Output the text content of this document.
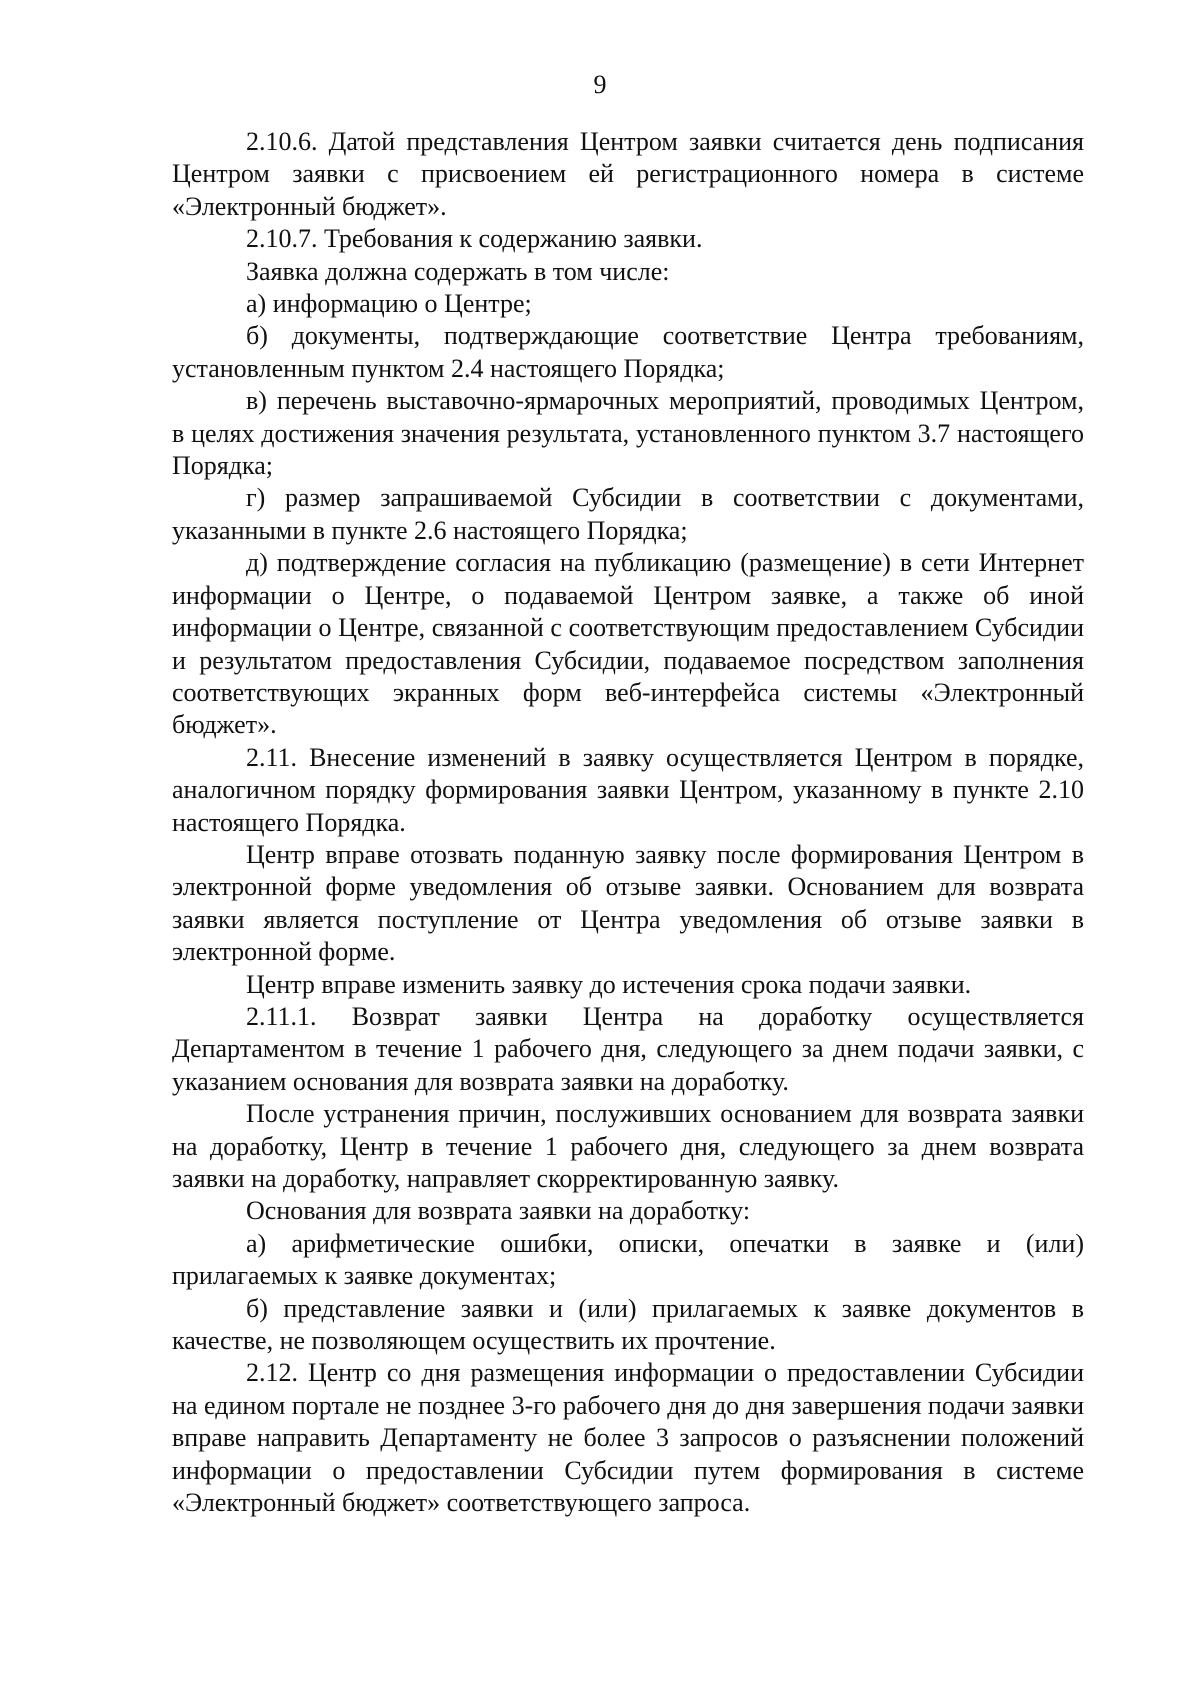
9

2.10.6. Датой представления Центром заявки считается день подписания Центром заявки с присвоением ей регистрационного номера в системе «Электронный бюджет».

2.10.7. Требования к содержанию заявки.

Заявка должна содержать в том числе:

а) информацию о Центре;

б) документы, подтверждающие соответствие Центра требованиям, установленным пунктом 2.4 настоящего Порядка;

в) перечень выставочно-ярмарочных мероприятий, проводимых Центром, в целях достижения значения результата, установленного пунктом 3.7 настоящего Порядка;

г) размер запрашиваемой Субсидии в соответствии с документами, указанными в пункте 2.6 настоящего Порядка;

д) подтверждение согласия на публикацию (размещение) в сети Интернет информации о Центре, о подаваемой Центром заявке, а также об иной информации о Центре, связанной с соответствующим предоставлением Субсидии и результатом предоставления Субсидии, подаваемое посредством заполнения соответствующих экранных форм веб-интерфейса системы «Электронный бюджет».

2.11. Внесение изменений в заявку осуществляется Центром в порядке, аналогичном порядку формирования заявки Центром, указанному в пункте 2.10 настоящего Порядка.

Центр вправе отозвать поданную заявку после формирования Центром в электронной форме уведомления об отзыве заявки. Основанием для возврата заявки является поступление от Центра уведомления об отзыве заявки в электронной форме.

Центр вправе изменить заявку до истечения срока подачи заявки.

2.11.1. Возврат заявки Центра на доработку осуществляется Департаментом в течение 1 рабочего дня, следующего за днем подачи заявки, с указанием основания для возврата заявки на доработку.

После устранения причин, послуживших основанием для возврата заявки на доработку, Центр в течение 1 рабочего дня, следующего за днем возврата заявки на доработку, направляет скорректированную заявку.

Основания для возврата заявки на доработку:

а) арифметические ошибки, описки, опечатки в заявке и (или) прилагаемых к заявке документах;

б) представление заявки и (или) прилагаемых к заявке документов в качестве, не позволяющем осуществить их прочтение.

2.12. Центр со дня размещения информации о предоставлении Субсидии на едином портале не позднее 3-го рабочего дня до дня завершения подачи заявки вправе направить Департаменту не более 3 запросов о разъяснении положений информации о предоставлении Субсидии путем формирования в системе «Электронный бюджет» соответствующего запроса.
